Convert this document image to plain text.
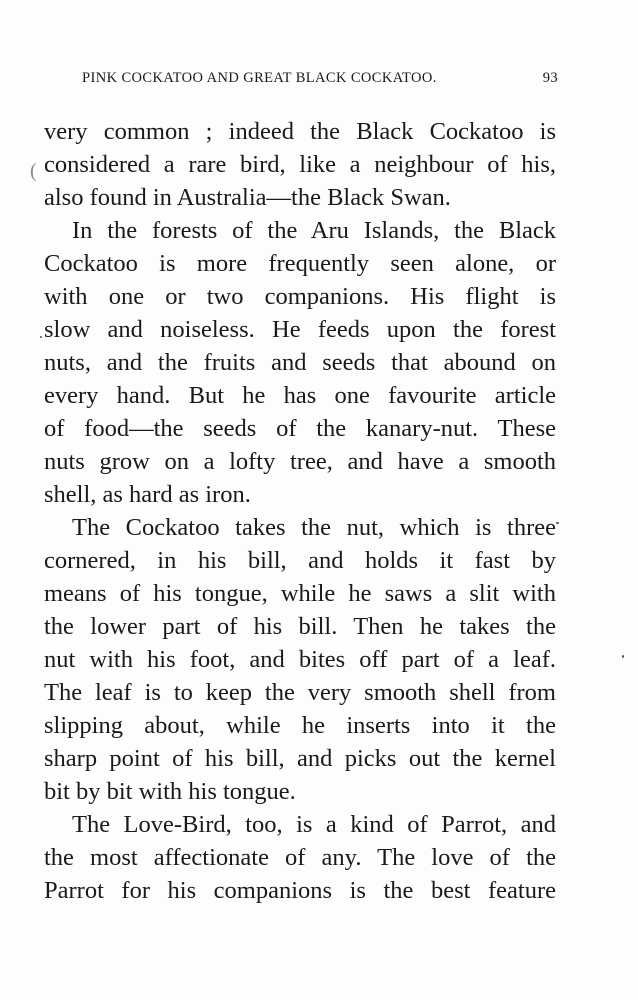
PINK COCKATOO AND GREAT BLACK COCKATOO.	93
(
very common ; indeed the Black Cockatoo is
considered a rare bird, like a neighbour of his,
also found in Australia—the Black Swan.
In the forests of the Aru Islands, the Black
Cockatoo is more frequently seen alone, or
with one or two companions. His flight is
slow and noiseless. He feeds upon the forest
nuts, and the fruits and seeds that abound on
every hand. But he has one favourite article
of food—the seeds of the kanary-nut. These
nuts grow on a lofty tree, and have a smooth
shell, as hard as iron.
The Cockatoo takes the nut, which is three
cornered, in his bill, and holds it fast by
means of his tongue, while he saws a slit with
the lower part of his bill. Then he takes the
nut with his foot, and bites off part of a leaf.
The leaf is to keep the very smooth shell from
slipping about, while he inserts into it the
sharp point of his bill, and picks out the kernel
bit by bit with his tongue.
The Love-Bird, too, is a kind of Parrot, and
the most affectionate of any. The love of the
Parrot for his companions is the best feature
